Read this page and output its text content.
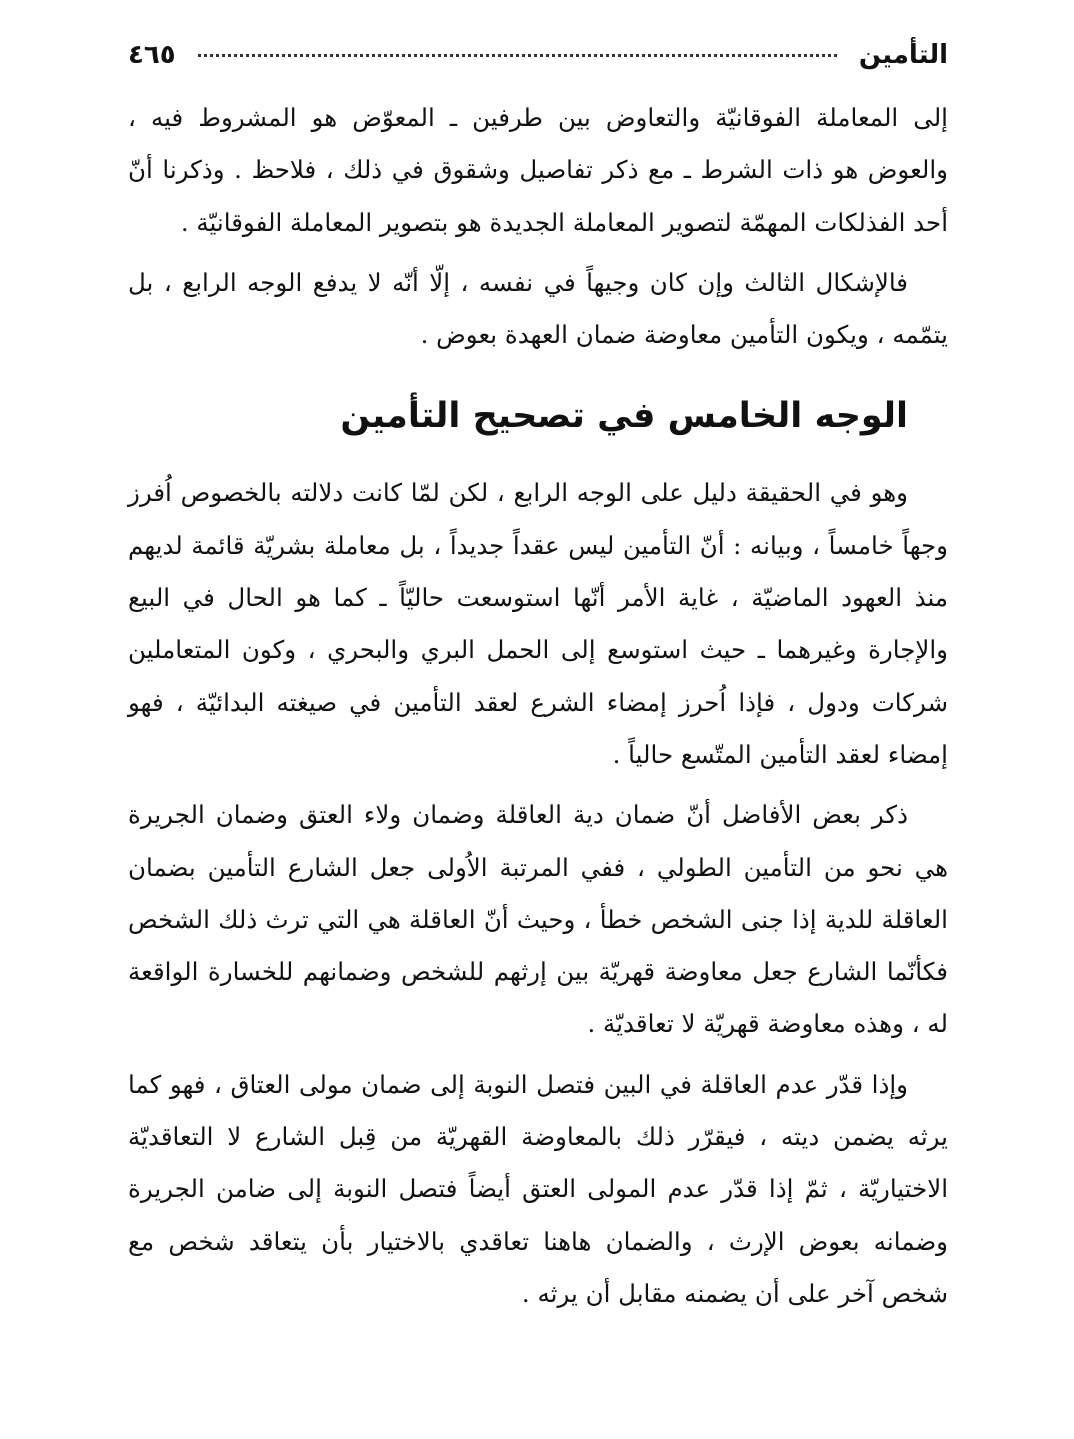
التأمين
٤٦٥

إلى المعاملة الفوقانيّة والتعاوض بين طرفين ـ المعوّض هو المشروط فيه ، والعوض هو ذات الشرط ـ مع ذكر تفاصيل وشقوق في ذلك ، فلاحظ . وذكرنا أنّ أحد الفذلكات المهمّة لتصوير المعاملة الجديدة هو بتصوير المعاملة الفوقانيّة .

فالإشكال الثالث وإن كان وجيهاً في نفسه ، إلّا أنّه لا يدفع الوجه الرابع ، بل يتمّمه ، ويكون التأمين معاوضة ضمان العهدة بعوض .

الوجه الخامس في تصحيح التأمين

وهو في الحقيقة دليل على الوجه الرابع ، لكن لمّا كانت دلالته بالخصوص اُفرز وجهاً خامساً ، وبيانه : أنّ التأمين ليس عقداً جديداً ، بل معاملة بشريّة قائمة لديهم منذ العهود الماضيّة ، غاية الأمر أنّها استوسعت حاليّاً ـ كما هو الحال في البيع والإجارة وغيرهما ـ حيث استوسع إلى الحمل البري والبحري ، وكون المتعاملين شركات ودول ، فإذا اُحرز إمضاء الشرع لعقد التأمين في صيغته البدائيّة ، فهو إمضاء لعقد التأمين المتّسع حالياً .

ذكر بعض الأفاضل أنّ ضمان دية العاقلة وضمان ولاء العتق وضمان الجريرة هي نحو من التأمين الطولي ، ففي المرتبة الاُولى جعل الشارع التأمين بضمان العاقلة للدية إذا جنى الشخص خطأ ، وحيث أنّ العاقلة هي التي ترث ذلك الشخص فكأنّما الشارع جعل معاوضة قهريّة بين إرثهم للشخص وضمانهم للخسارة الواقعة له ، وهذه معاوضة قهريّة لا تعاقديّة .

وإذا قدّر عدم العاقلة في البين فتصل النوبة إلى ضمان مولى العتاق ، فهو كما يرثه يضمن ديته ، فيقرّر ذلك بالمعاوضة القهريّة من قِبل الشارع لا التعاقديّة الاختياريّة ، ثمّ إذا قدّر عدم المولى العتق أيضاً فتصل النوبة إلى ضامن الجريرة وضمانه بعوض الإرث ، والضمان هاهنا تعاقدي بالاختيار بأن يتعاقد شخص مع شخص آخر على أن يضمنه مقابل أن يرثه .
